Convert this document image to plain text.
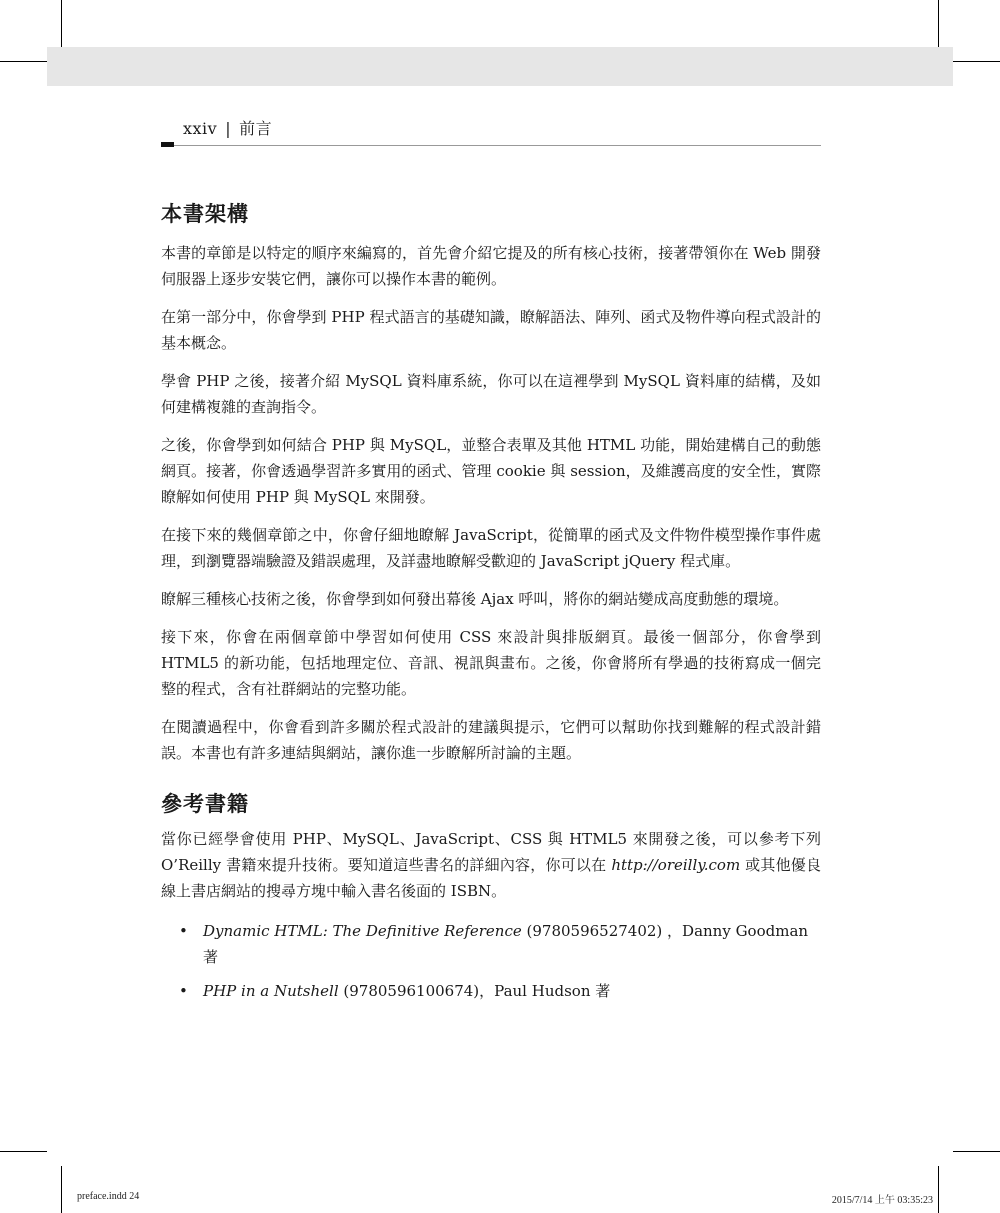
xxiv | 前言
本書架構

本書的章節是以特定的順序來編寫的，首先會介紹它提及的所有核心技術，接著帶領你在 Web 開發伺服器上逐步安裝它們，讓你可以操作本書的範例。

在第一部分中，你會學到 PHP 程式語言的基礎知識，瞭解語法、陣列、函式及物件導向程式設計的基本概念。

學會 PHP 之後，接著介紹 MySQL 資料庫系統，你可以在這裡學到 MySQL 資料庫的結構，及如何建構複雜的查詢指令。

之後，你會學到如何結合 PHP 與 MySQL，並整合表單及其他 HTML 功能，開始建構自己的動態網頁。接著，你會透過學習許多實用的函式、管理 cookie 與 session，及維護高度的安全性，實際瞭解如何使用 PHP 與 MySQL 來開發。

在接下來的幾個章節之中，你會仔細地瞭解 JavaScript，從簡單的函式及文件物件模型操作事件處理，到瀏覽器端驗證及錯誤處理，及詳盡地瞭解受歡迎的 JavaScript jQuery 程式庫。

瞭解三種核心技術之後，你會學到如何發出幕後 Ajax 呼叫，將你的網站變成高度動態的環境。

接下來，你會在兩個章節中學習如何使用 CSS 來設計與排版網頁。最後一個部分，你會學到 HTML5 的新功能，包括地理定位、音訊、視訊與畫布。之後，你會將所有學過的技術寫成一個完整的程式，含有社群網站的完整功能。

在閱讀過程中，你會看到許多關於程式設計的建議與提示，它們可以幫助你找到難解的程式設計錯誤。本書也有許多連結與網站，讓你進一步瞭解所討論的主題。

參考書籍

當你已經學會使用 PHP、MySQL、JavaScript、CSS 與 HTML5 來開發之後，可以參考下列 O’Reilly 書籍來提升技術。要知道這些書名的詳細內容，你可以在 http://oreilly.com 或其他優良線上書店網站的搜尋方塊中輸入書名後面的 ISBN。

• Dynamic HTML: The Definitive Reference (9780596527402) ，Danny Goodman 著
• PHP in a Nutshell (9780596100674)，Paul Hudson 著
preface.indd 24	2015/7/14 上午 03:35:23
